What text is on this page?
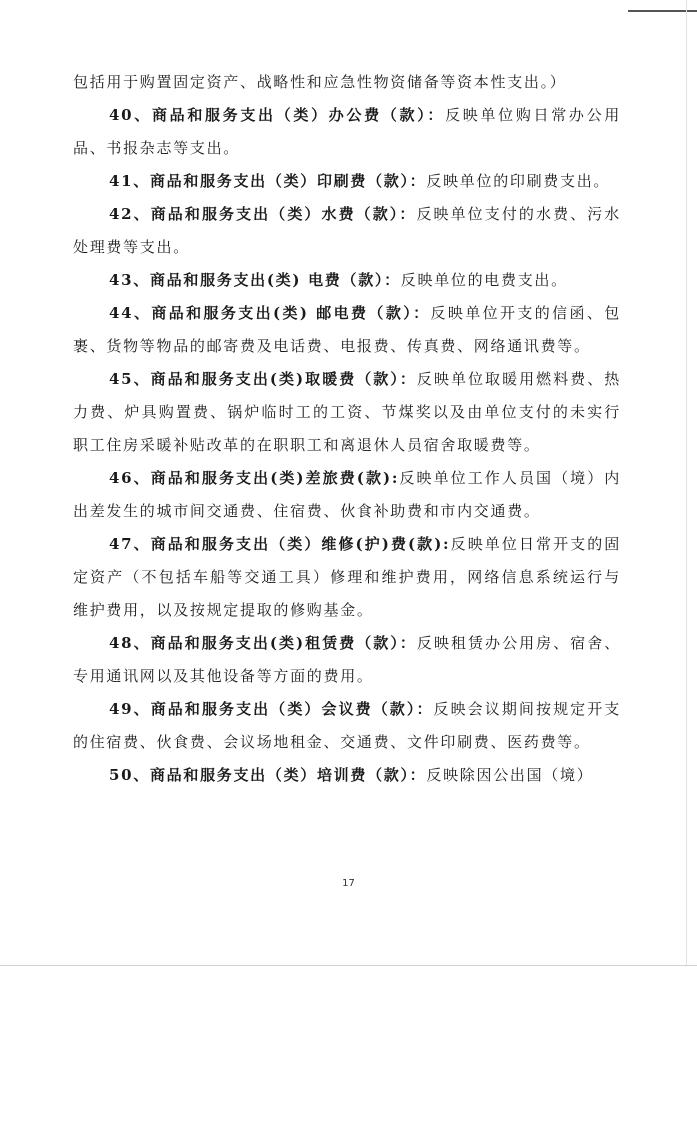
包括用于购置固定资产、战略性和应急性物资储备等资本性支出。）

40、商品和服务支出（类）办公费（款）：反映单位购日常办公用品、书报杂志等支出。

41、商品和服务支出（类）印刷费（款）：反映单位的印刷费支出。

42、商品和服务支出（类）水费（款）：反映单位支付的水费、污水处理费等支出。

43、商品和服务支出(类) 电费（款）：反映单位的电费支出。

44、商品和服务支出(类) 邮电费（款）：反映单位开支的信函、包裹、货物等物品的邮寄费及电话费、电报费、传真费、网络通讯费等。

45、商品和服务支出(类)取暖费（款）：反映单位取暖用燃料费、热力费、炉具购置费、锅炉临时工的工资、节煤奖以及由单位支付的未实行职工住房采暖补贴改革的在职职工和离退休人员宿舍取暖费等。

46、商品和服务支出(类)差旅费(款):反映单位工作人员国（境）内出差发生的城市间交通费、住宿费、伙食补助费和市内交通费。

47、商品和服务支出（类）维修(护)费(款):反映单位日常开支的固定资产（不包括车船等交通工具）修理和维护费用，网络信息系统运行与维护费用，以及按规定提取的修购基金。

48、商品和服务支出(类)租赁费（款）：反映租赁办公用房、宿舍、专用通讯网以及其他设备等方面的费用。

49、商品和服务支出（类）会议费（款）：反映会议期间按规定开支的住宿费、伙食费、会议场地租金、交通费、文件印刷费、医药费等。

50、商品和服务支出（类）培训费（款）：反映除因公出国（境）

17
